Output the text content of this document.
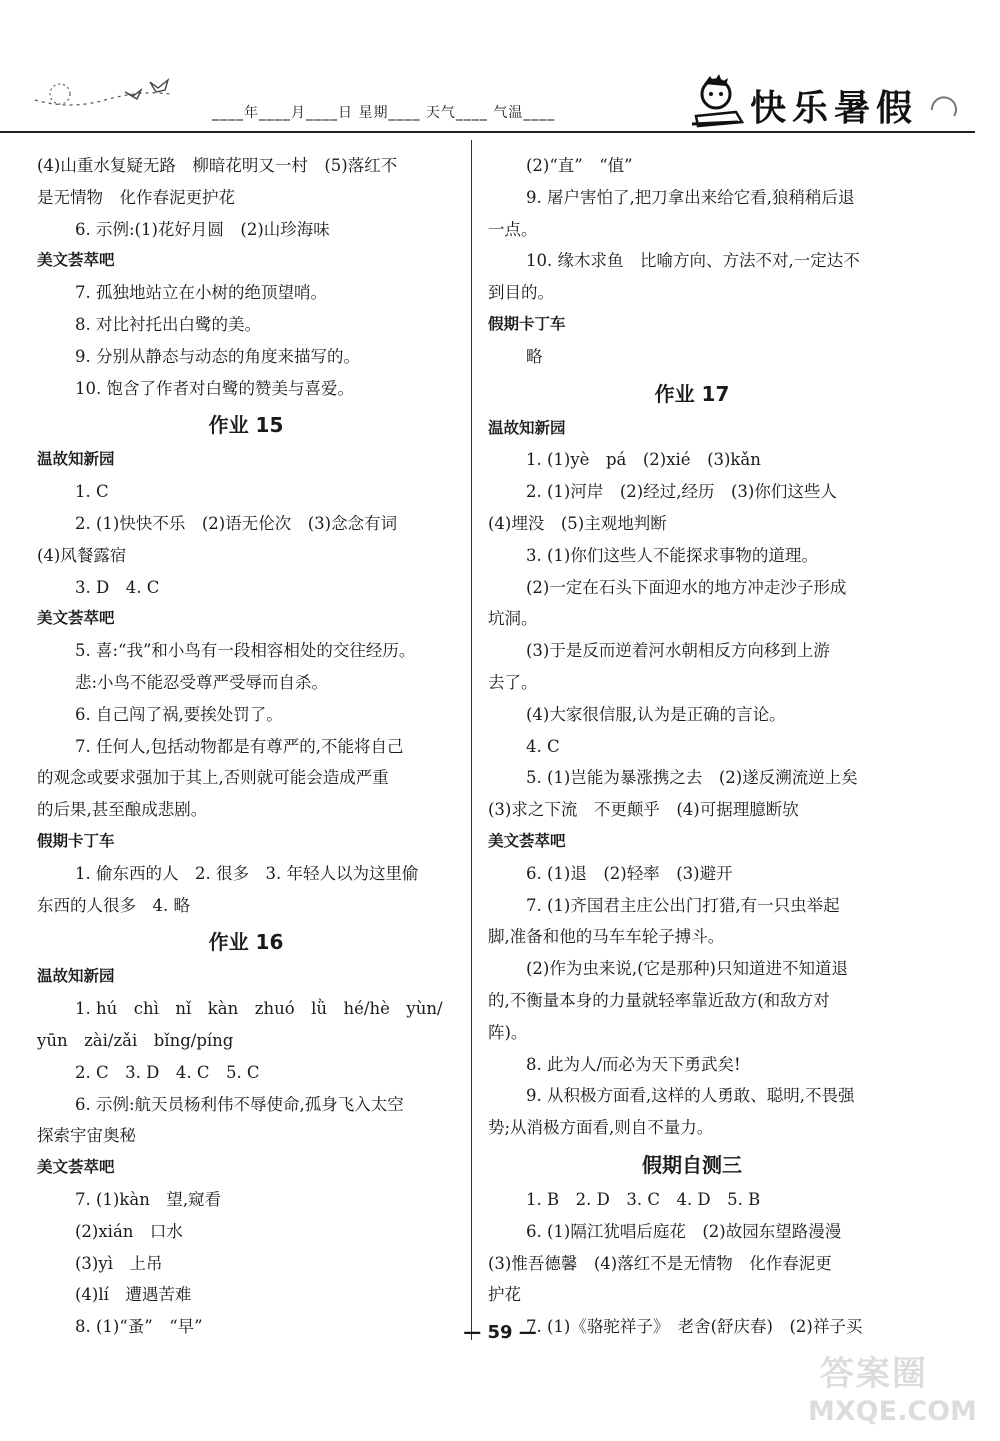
____年____月____日 星期____ 天气____ 气温____	快乐暑假
(4)山重水复疑无路　柳暗花明又一村　(5)落红不
是无情物　化作春泥更护花
6. 示例:(1)花好月圆　(2)山珍海味
美文荟萃吧
7. 孤独地站立在小树的绝顶望哨。
8. 对比衬托出白鹭的美。
9. 分别从静态与动态的角度来描写的。
10. 饱含了作者对白鹭的赞美与喜爱。
作业 15
温故知新园
1. C
2. (1)快快不乐　(2)语无伦次　(3)念念有词
(4)风餐露宿
3. D　4. C
美文荟萃吧
5. 喜:“我”和小鸟有一段相容相处的交往经历。
悲:小鸟不能忍受尊严受辱而自杀。
6. 自己闯了祸,要挨处罚了。
7. 任何人,包括动物都是有尊严的,不能将自己
的观念或要求强加于其上,否则就可能会造成严重
的后果,甚至酿成悲剧。
假期卡丁车
1. 偷东西的人　2. 很多　3. 年轻人以为这里偷
东西的人很多　4. 略
作业 16
温故知新园
1. hú　chì　nǐ　kàn　zhuó　lǜ　hé/hè　yùn/
yūn　zài/zǎi　bǐng/píng
2. C　3. D　4. C　5. C
6. 示例:航天员杨利伟不辱使命,孤身飞入太空
探索宇宙奥秘
美文荟萃吧
7. (1)kàn　望,窥看
(2)xián　口水
(3)yì　上吊
(4)lí　遭遇苦难
8. (1)“蚤”　“早”
(2)“直”　“值”
9. 屠户害怕了,把刀拿出来给它看,狼稍稍后退
一点。
10. 缘木求鱼　比喻方向、方法不对,一定达不
到目的。
假期卡丁车
略
作业 17
温故知新园
1. (1)yè　pá　(2)xié　(3)kǎn
2. (1)河岸　(2)经过,经历　(3)你们这些人
(4)埋没　(5)主观地判断
3. (1)你们这些人不能探求事物的道理。
(2)一定在石头下面迎水的地方冲走沙子形成
坑洞。
(3)于是反而逆着河水朝相反方向移到上游
去了。
(4)大家很信服,认为是正确的言论。
4. C
5. (1)岂能为暴涨携之去　(2)遂反溯流逆上矣
(3)求之下流　不更颠乎　(4)可据理臆断欤
美文荟萃吧
6. (1)退　(2)轻率　(3)避开
7. (1)齐国君主庄公出门打猎,有一只虫举起
脚,准备和他的马车车轮子搏斗。
(2)作为虫来说,(它是那种)只知道进不知道退
的,不衡量本身的力量就轻率靠近敌方(和敌方对
阵)。
8. 此为人/而必为天下勇武矣!
9. 从积极方面看,这样的人勇敢、聪明,不畏强
势;从消极方面看,则自不量力。
假期自测三
1. B　2. D　3. C　4. D　5. B
6. (1)隔江犹唱后庭花　(2)故园东望路漫漫
(3)惟吾德馨　(4)落红不是无情物　化作春泥更
护花
7. (1)《骆驼祥子》　老舍(舒庆春)　(2)祥子买
— 59 —
答案圈
MXQE.COM
